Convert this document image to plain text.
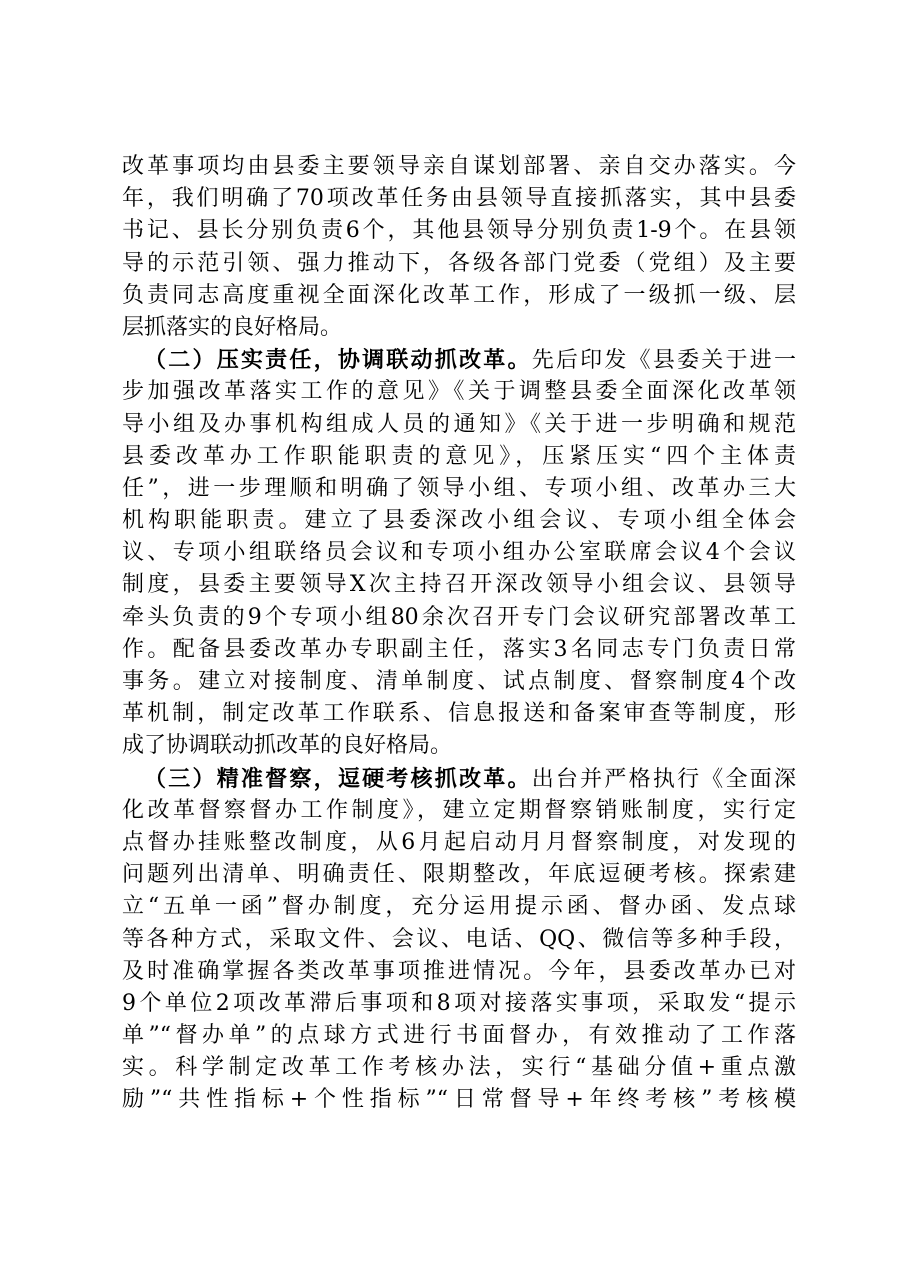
改革事项均由县委主要领导亲自谋划部署、亲自交办落实。今
年，我们明确了70项改革任务由县领导直接抓落实，其中县委
书记、县长分别负责6个，其他县领导分别负责1-9个。在县领
导的示范引领、强力推动下，各级各部门党委（党组）及主要
负责同志高度重视全面深化改革工作，形成了一级抓一级、层
层抓落实的良好格局。
（二）压实责任，协调联动抓改革。先后印发《县委关于进一
步加强改革落实工作的意见》《关于调整县委全面深化改革领
导小组及办事机构组成人员的通知》《关于进一步明确和规范
县委改革办工作职能职责的意见》，压紧压实“四个主体责
任”，进一步理顺和明确了领导小组、专项小组、改革办三大
机构职能职责。建立了县委深改小组会议、专项小组全体会
议、专项小组联络员会议和专项小组办公室联席会议4个会议
制度，县委主要领导X次主持召开深改领导小组会议、县领导
牵头负责的9个专项小组80余次召开专门会议研究部署改革工
作。配备县委改革办专职副主任，落实3名同志专门负责日常
事务。建立对接制度、清单制度、试点制度、督察制度4个改
革机制，制定改革工作联系、信息报送和备案审查等制度，形
成了协调联动抓改革的良好格局。
（三）精准督察，逗硬考核抓改革。出台并严格执行《全面深
化改革督察督办工作制度》，建立定期督察销账制度，实行定
点督办挂账整改制度，从6月起启动月月督察制度，对发现的
问题列出清单、明确责任、限期整改，年底逗硬考核。探索建
立“五单一函”督办制度，充分运用提示函、督办函、发点球
等各种方式，采取文件、会议、电话、QQ、微信等多种手段，
及时准确掌握各类改革事项推进情况。今年，县委改革办已对
9个单位2项改革滞后事项和8项对接落实事项，采取发“提示
单”“督办单”的点球方式进行书面督办，有效推动了工作落
实。科学制定改革工作考核办法，实行“基础分值+重点激
励”“共性指标+个性指标”“日常督导+年终考核”考核模
